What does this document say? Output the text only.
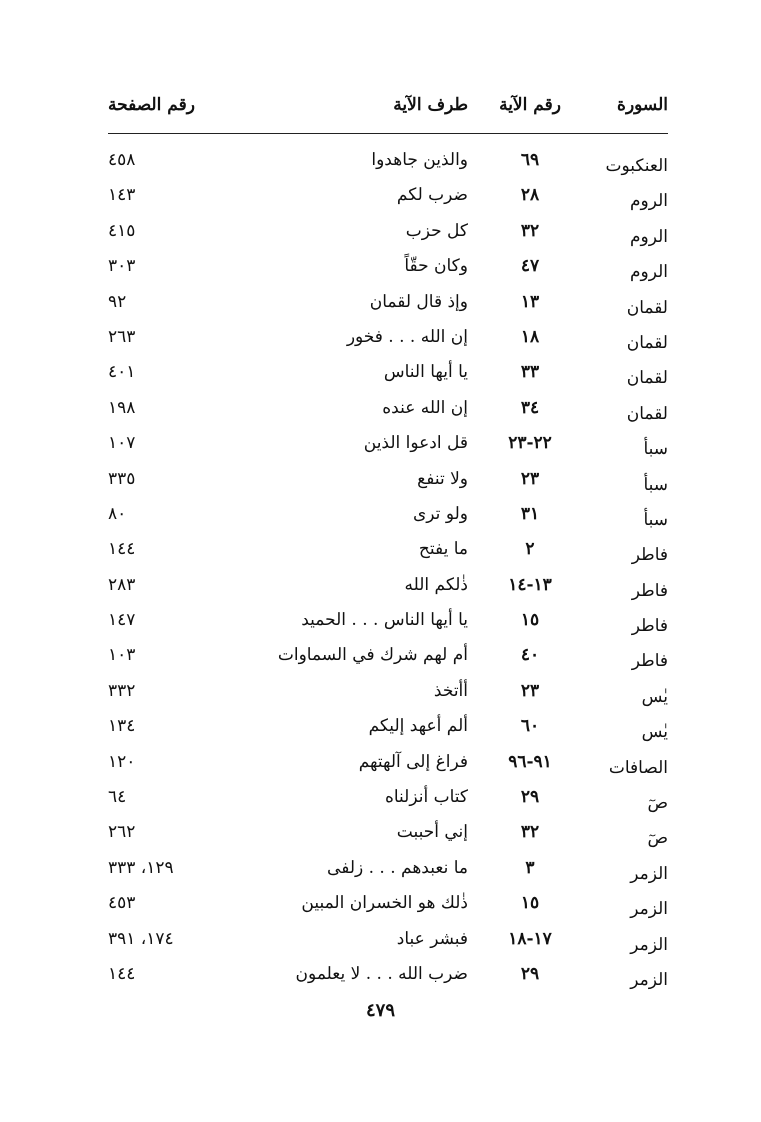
السورة
رقم الآية
طرف الآية
رقم الصفحة
العنكبوت
٦٩
والذين جاهدوا
٤٥٨
الروم
٢٨
ضرب لكم
١٤٣
الروم
٣٢
كل حزب
٤١٥
الروم
٤٧
وكان حقّاً
٣٠٣
لقمان
١٣
وإذ قال لقمان
٩٢
لقمان
١٨
إن الله . . . فخور
٢٦٣
لقمان
٣٣
يا أيها الناس
٤٠١
لقمان
٣٤
إن الله عنده
١٩٨
سبأ
٢٢-٢٣
قل ادعوا الذين
١٠٧
سبأ
٢٣
ولا تنفع
٣٣٥
سبأ
٣١
ولو ترى
٨٠
فاطر
٢
ما يفتح
١٤٤
فاطر
١٣-١٤
ذٰلكم الله
٢٨٣
فاطر
١٥
يا أيها الناس . . . الحميد
١٤٧
فاطر
٤٠
أم لهم شرك في السماوات
١٠٣
يٰس
٢٣
أأتخذ
٣٣٢
يٰس
٦٠
ألم أعهد إليكم
١٣٤
الصافات
٩١-٩٦
فراغ إلى آلهتهم
١٢٠
صٓ
٢٩
كتاب أنزلناه
٦٤
صٓ
٣٢
إني أحببت
٢٦٢
الزمر
٣
ما نعبدهم . . . زلفى
١٢٩، ٣٣٣
الزمر
١٥
ذٰلك هو الخسران المبين
٤٥٣
الزمر
١٧-١٨
فبشر عباد
١٧٤، ٣٩١
الزمر
٢٩
ضرب الله . . . لا يعلمون
١٤٤
٤٧٩
